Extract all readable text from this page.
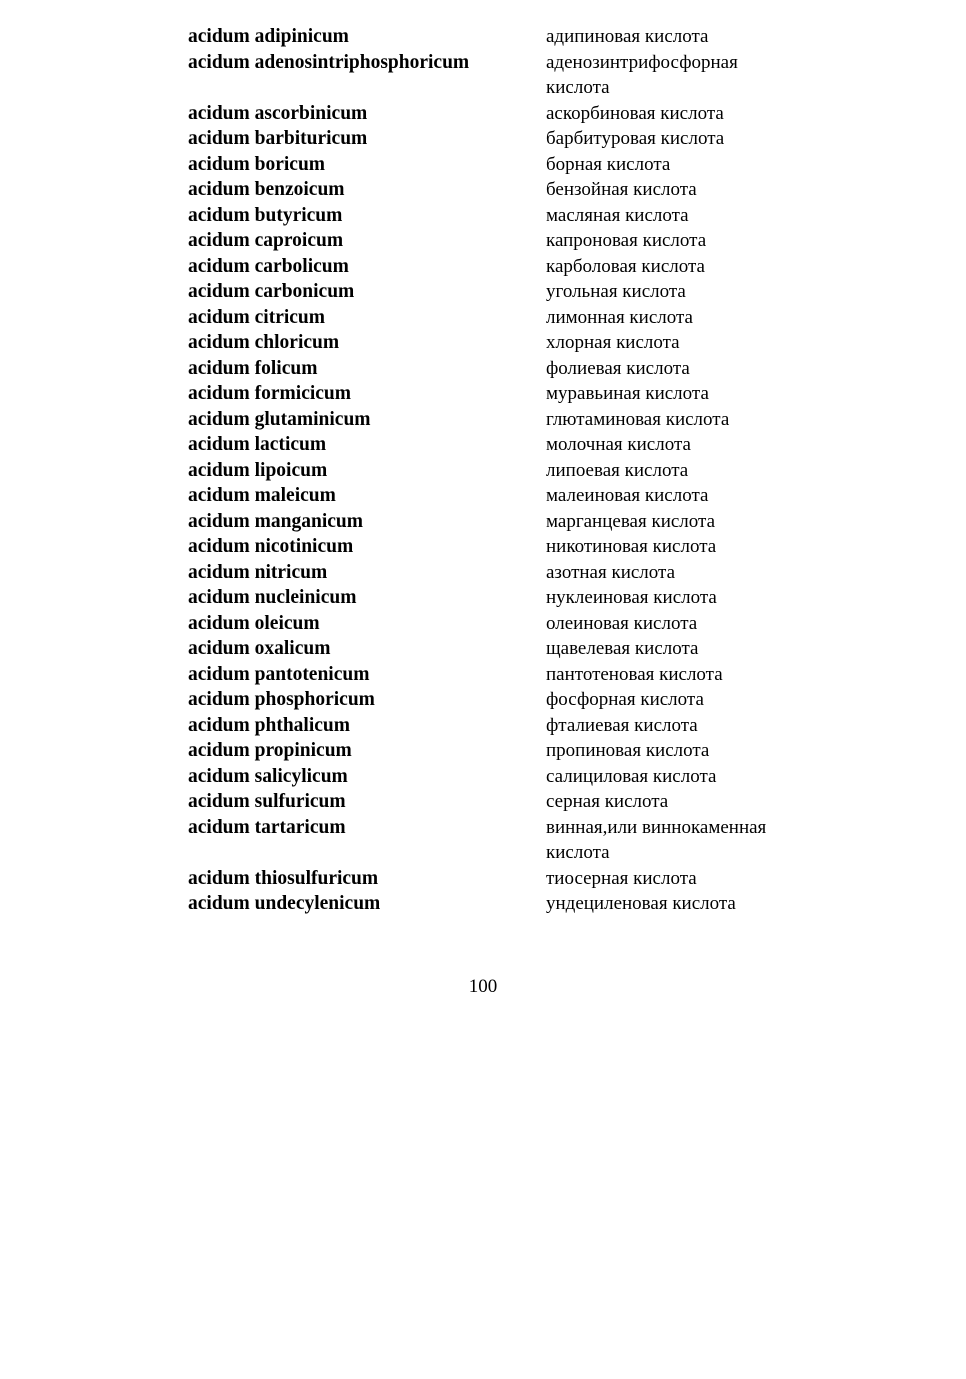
acidum adipinicum	адипиновая кислота
acidum adenosintriphosphoricum	аденозинтрифосфорная
кислота
acidum ascorbinicum	аскорбиновая кислота
acidum barbituricum	барбитуровая кислота
acidum boricum	борная кислота
acidum benzoicum	бензойная кислота
acidum butyricum	масляная кислота
acidum caproicum	капроновая кислота
acidum carbolicum	карболовая кислота
acidum carbonicum	угольная кислота
acidum citricum	лимонная кислота
acidum chloricum	хлорная кислота
acidum folicum	фолиевая кислота
acidum formicicum	муравьиная кислота
acidum glutaminicum	глютаминовая кислота
acidum lacticum	молочная кислота
acidum lipoicum	липоевая кислота
acidum maleicum	малеиновая кислота
acidum manganicum	марганцевая кислота
acidum nicotinicum	никотиновая кислота
acidum nitricum	азотная кислота
acidum nucleinicum	нуклеиновая кислота
acidum oleicum	олеиновая кислота
acidum oxalicum	щавелевая кислота
acidum pantotenicum	пантотеновая кислота
acidum phosphoricum	фосфорная кислота
acidum phthalicum	фталиевая кислота
acidum propinicum	пропиновая кислота
acidum salicylicum	салициловая кислота
acidum sulfuricum	серная кислота
acidum tartaricum	винная,или виннокаменная
кислота
acidum thiosulfuricum	тиосерная кислота
acidum undecylenicum	ундециленовая кислота
100
